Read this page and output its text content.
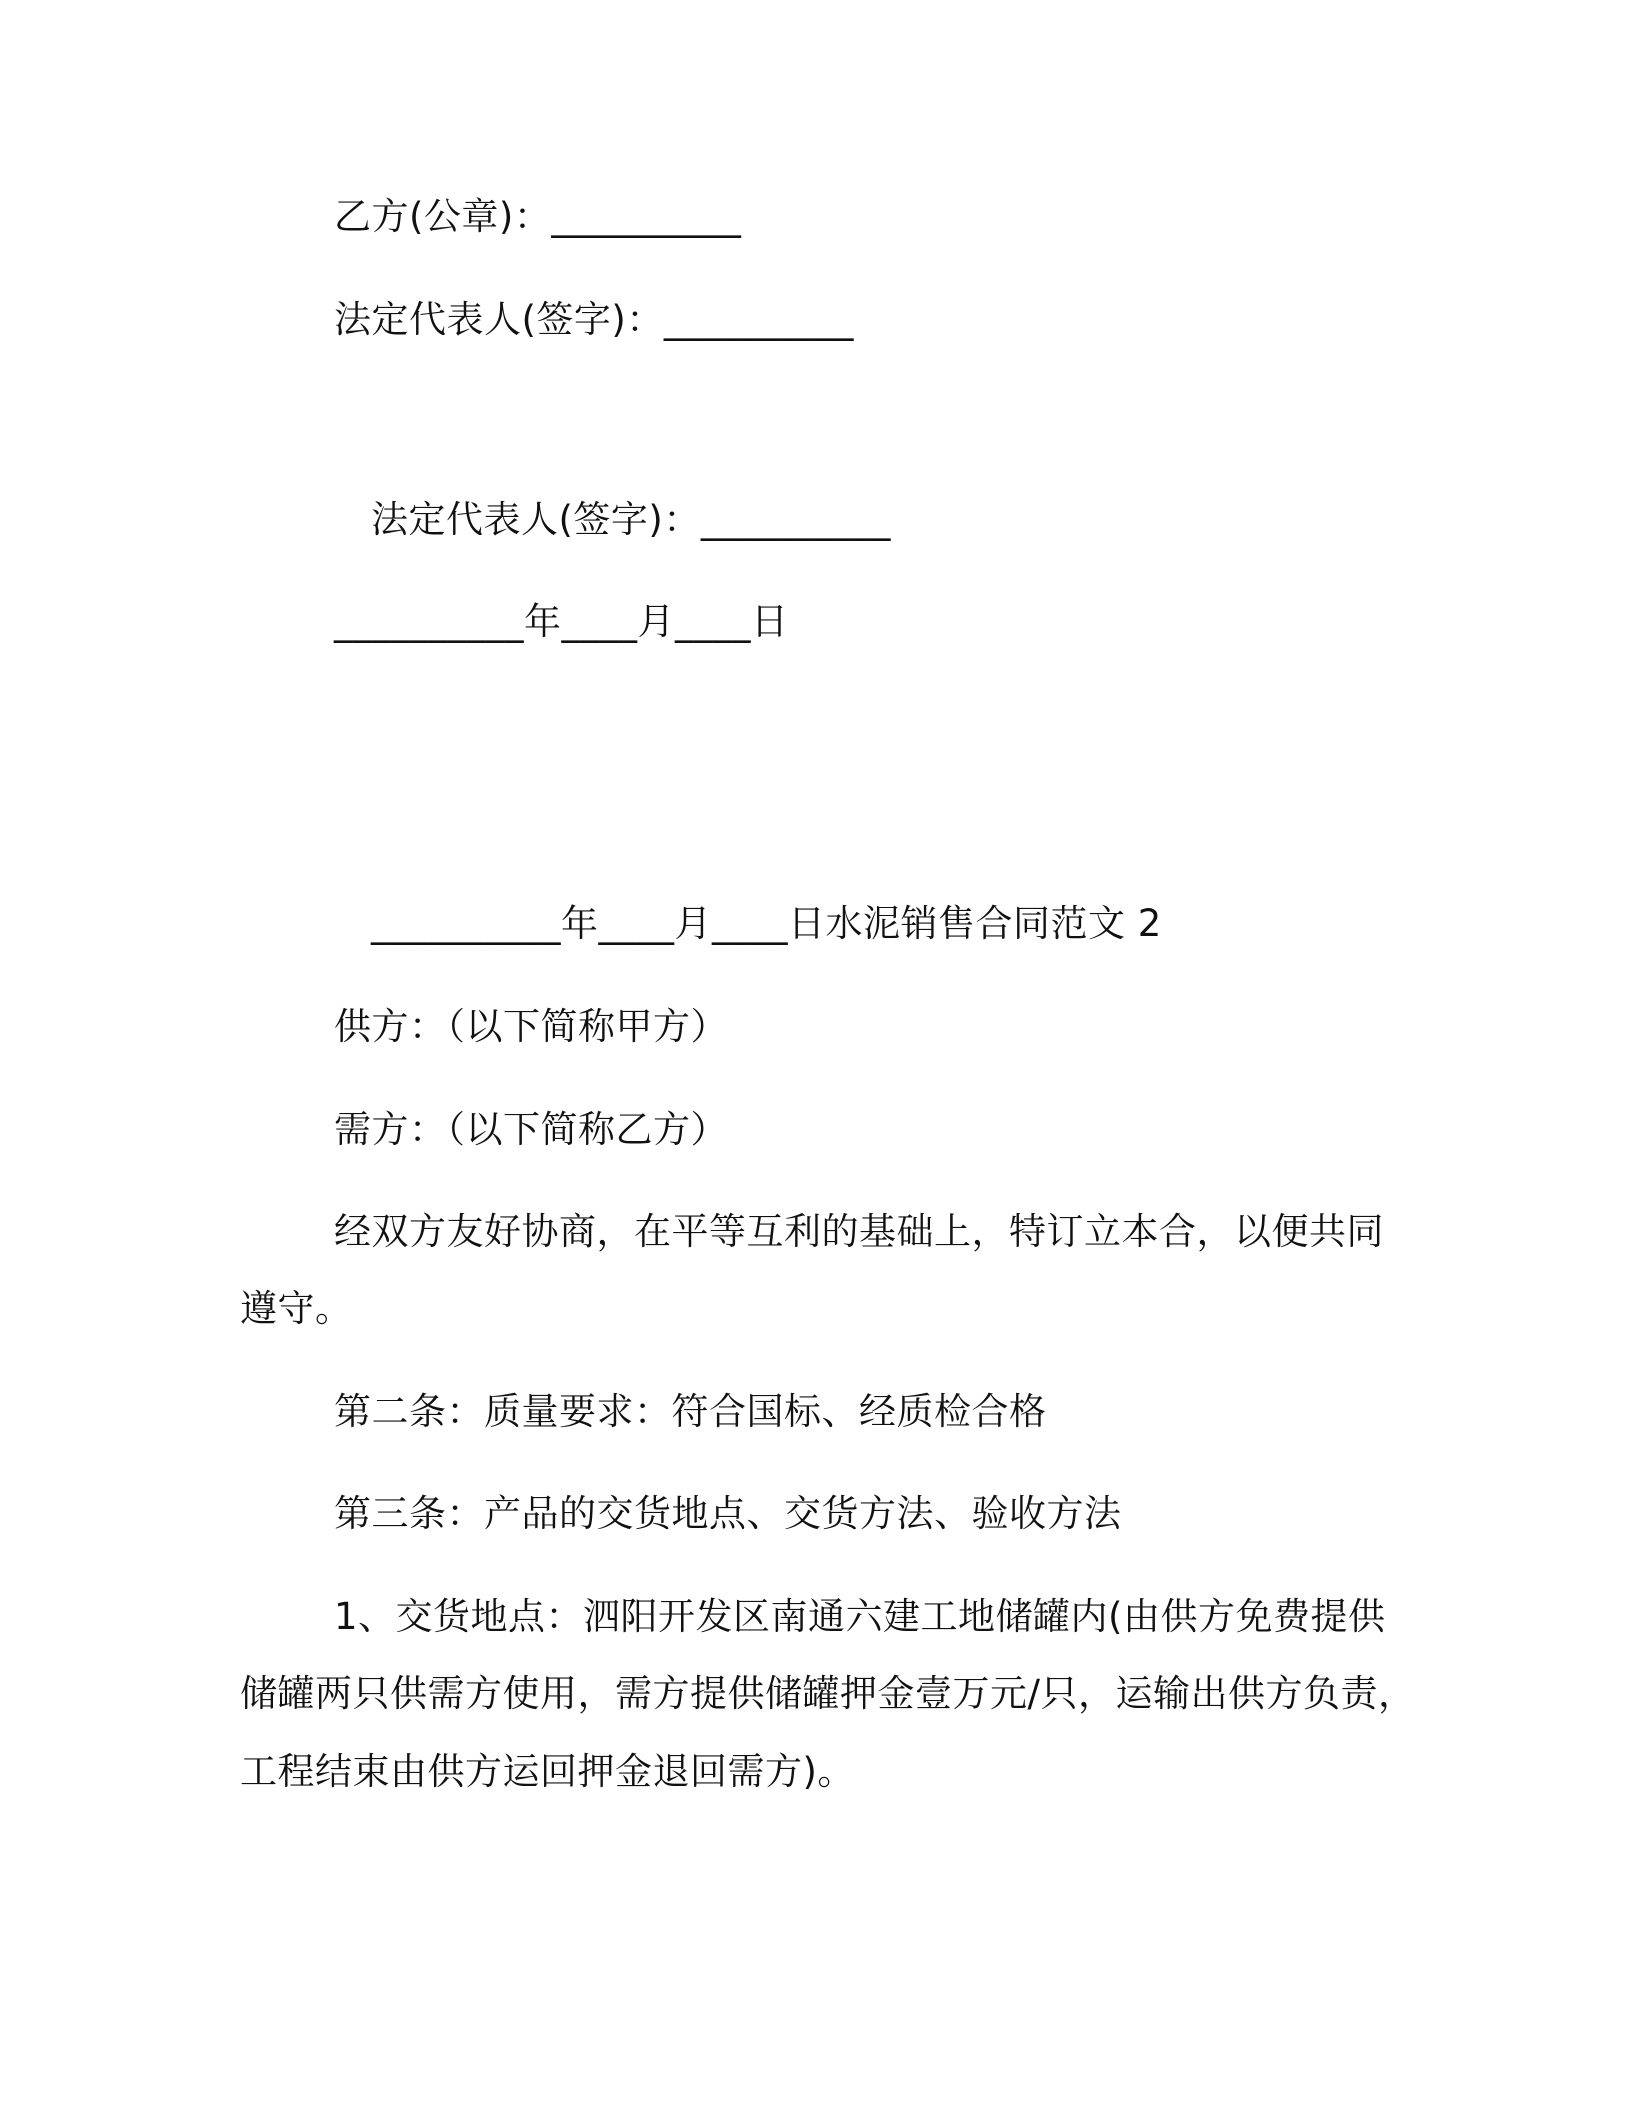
乙方(公章)：__________
法定代表人(签字)：__________
法定代表人(签字)：__________
__________年____月____日
__________年____月____日水泥销售合同范文 2
供方：（以下简称甲方）
需方：（以下简称乙方）
经双方友好协商，在平等互利的基础上，特订立本合，以便共同
遵守。
第二条：质量要求：符合国标、经质检合格
第三条：产品的交货地点、交货方法、验收方法
1、交货地点：泗阳开发区南通六建工地储罐内(由供方免费提供
储罐两只供需方使用，需方提供储罐押金壹万元/只，运输出供方负责，
工程结束由供方运回押金退回需方)。
